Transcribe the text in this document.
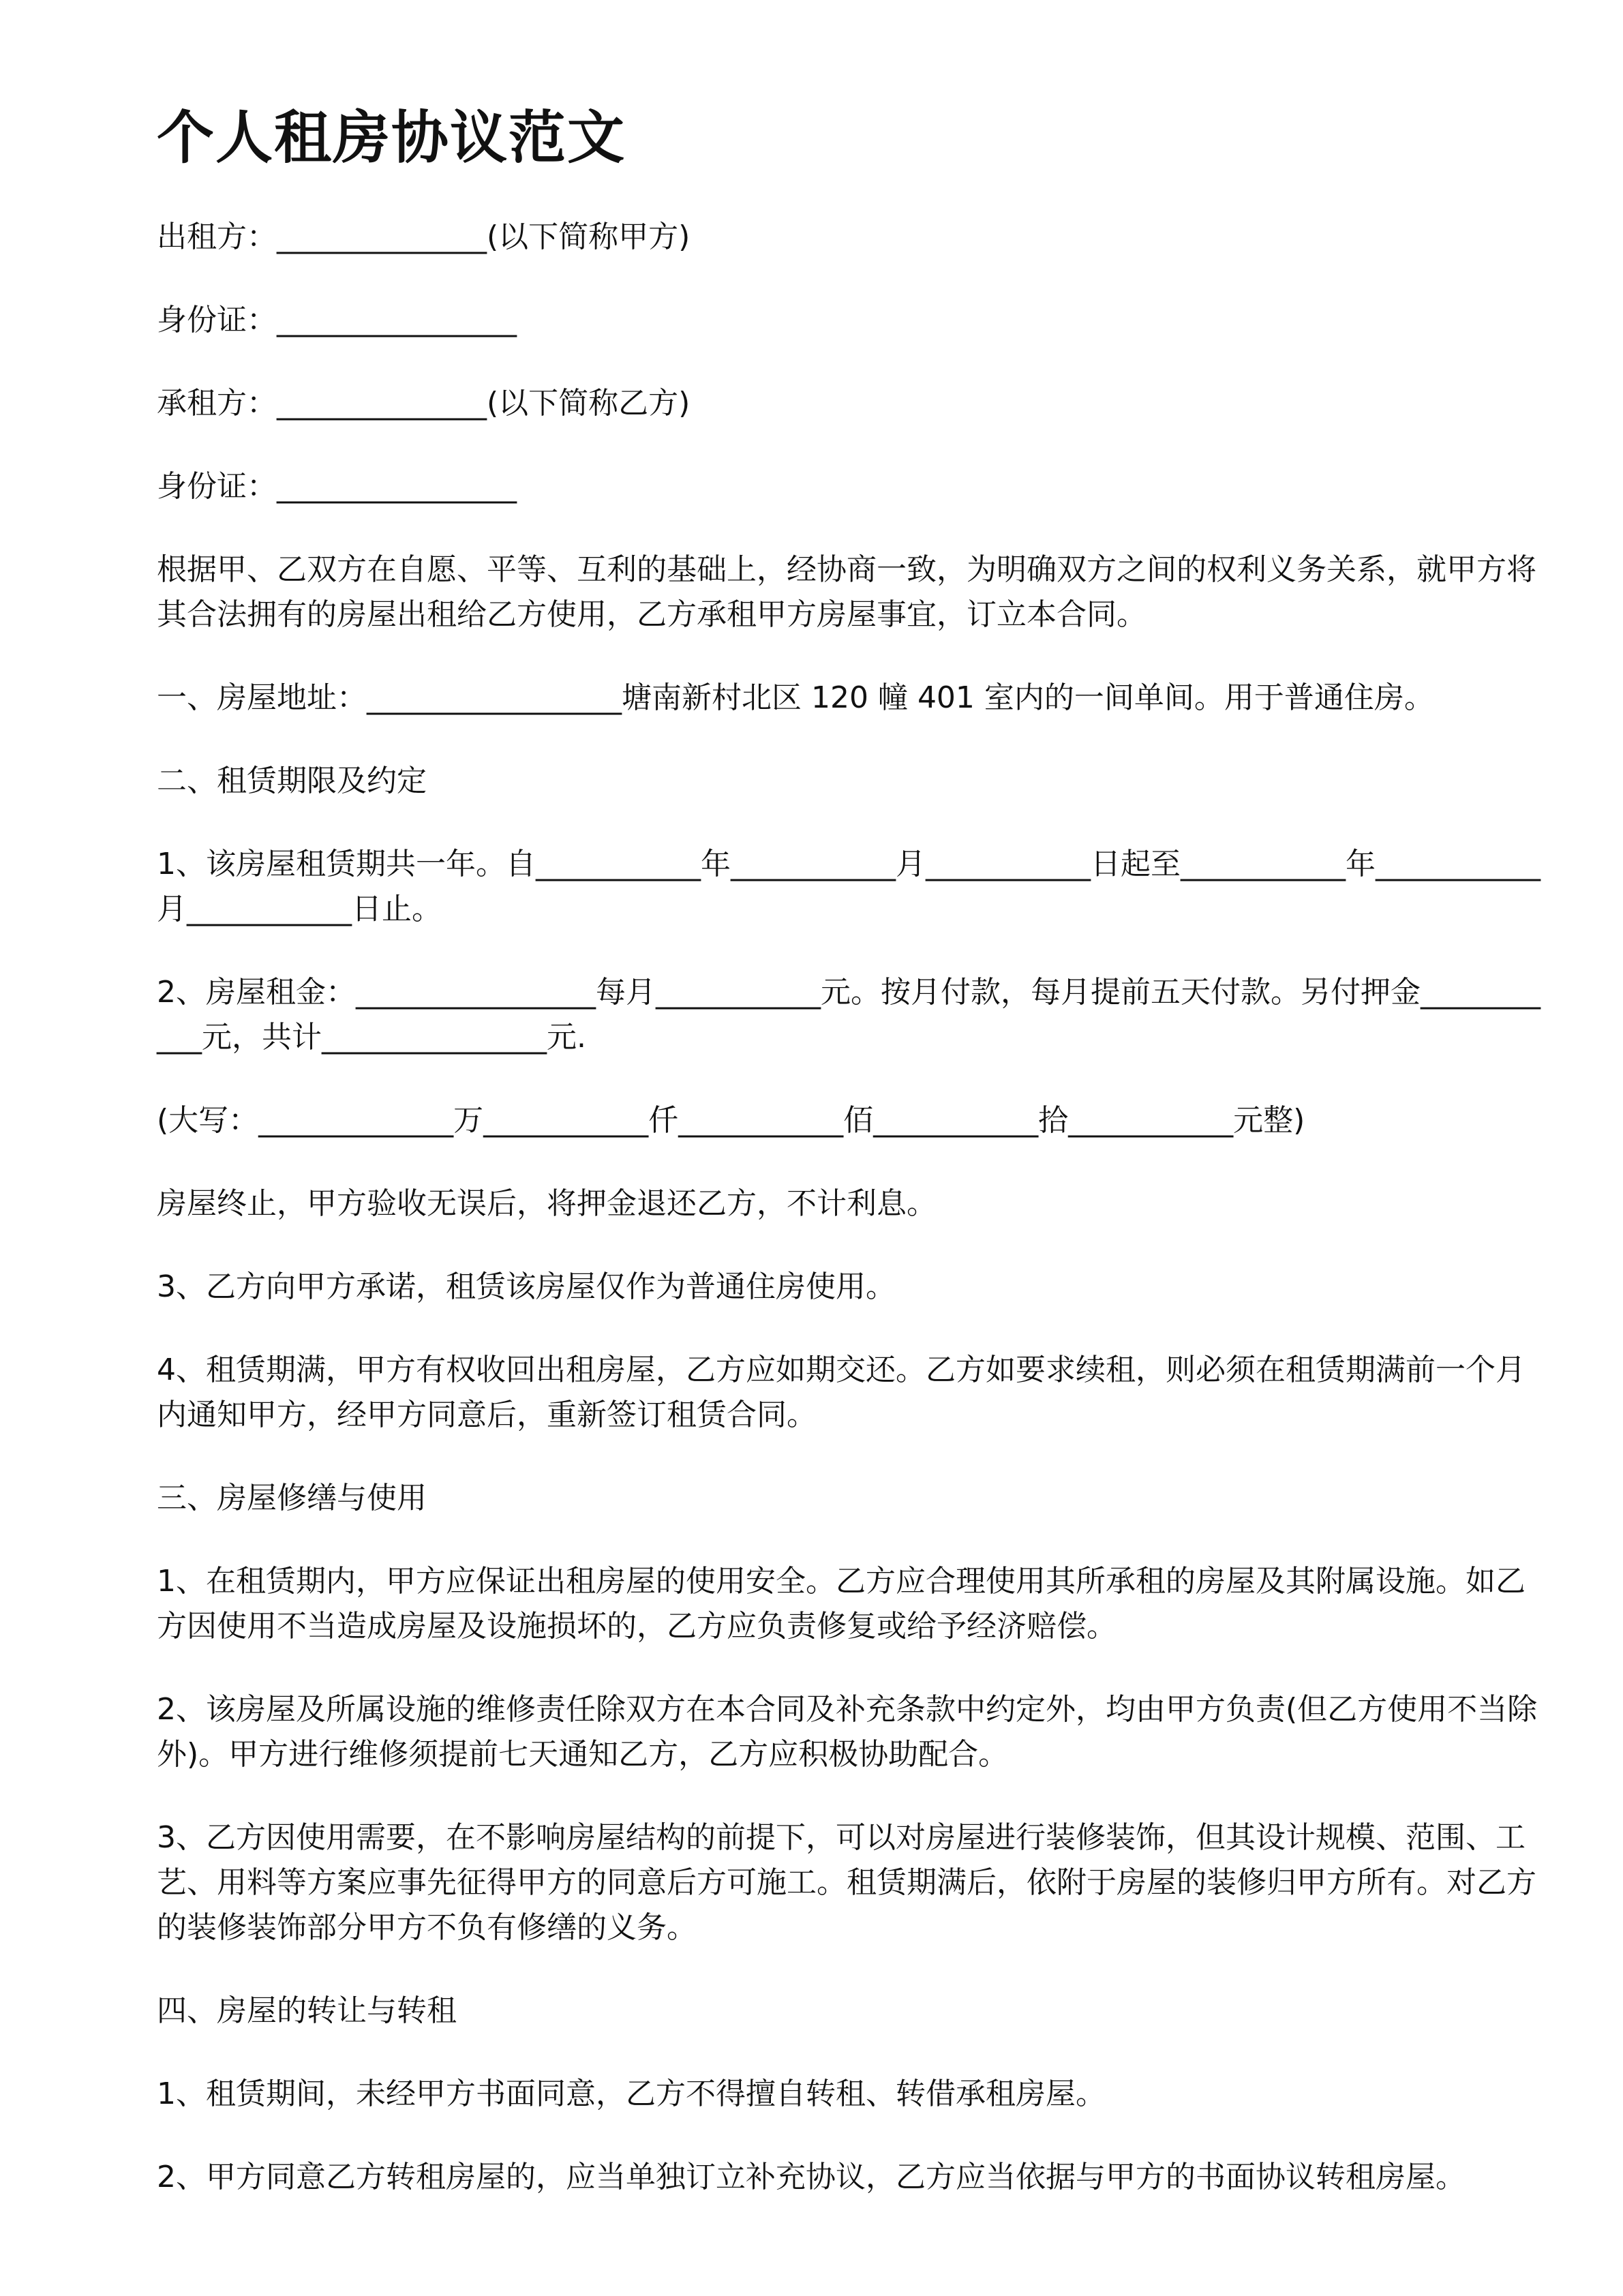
个人租房协议范文
出租方：______________(以下简称甲方)
身份证：________________
承租方：______________(以下简称乙方)
身份证：________________
根据甲、乙双方在自愿、平等、互利的基础上，经协商一致，为明确双方之间的权利义务关系，就甲方将其合法拥有的房屋出租给乙方使用，乙方承租甲方房屋事宜，订立本合同。
一、房屋地址：_________________塘南新村北区 120 幢 401 室内的一间单间。用于普通住房。
二、租赁期限及约定
1、该房屋租赁期共一年。自___________年___________月___________日起至___________年___________月___________日止。
2、房屋租金：________________每月___________元。按月付款，每月提前五天付款。另付押金___________元，共计_______________元.
(大写：_____________万___________仟___________佰___________拾___________元整)
房屋终止，甲方验收无误后，将押金退还乙方，不计利息。
3、乙方向甲方承诺，租赁该房屋仅作为普通住房使用。
4、租赁期满，甲方有权收回出租房屋，乙方应如期交还。乙方如要求续租，则必须在租赁期满前一个月内通知甲方，经甲方同意后，重新签订租赁合同。
三、房屋修缮与使用
1、在租赁期内，甲方应保证出租房屋的使用安全。乙方应合理使用其所承租的房屋及其附属设施。如乙方因使用不当造成房屋及设施损坏的，乙方应负责修复或给予经济赔偿。
2、该房屋及所属设施的维修责任除双方在本合同及补充条款中约定外，均由甲方负责(但乙方使用不当除外)。甲方进行维修须提前七天通知乙方，乙方应积极协助配合。
3、乙方因使用需要，在不影响房屋结构的前提下，可以对房屋进行装修装饰，但其设计规模、范围、工艺、用料等方案应事先征得甲方的同意后方可施工。租赁期满后，依附于房屋的装修归甲方所有。对乙方的装修装饰部分甲方不负有修缮的义务。
四、房屋的转让与转租
1、租赁期间，未经甲方书面同意，乙方不得擅自转租、转借承租房屋。
2、甲方同意乙方转租房屋的，应当单独订立补充协议，乙方应当依据与甲方的书面协议转租房屋。
